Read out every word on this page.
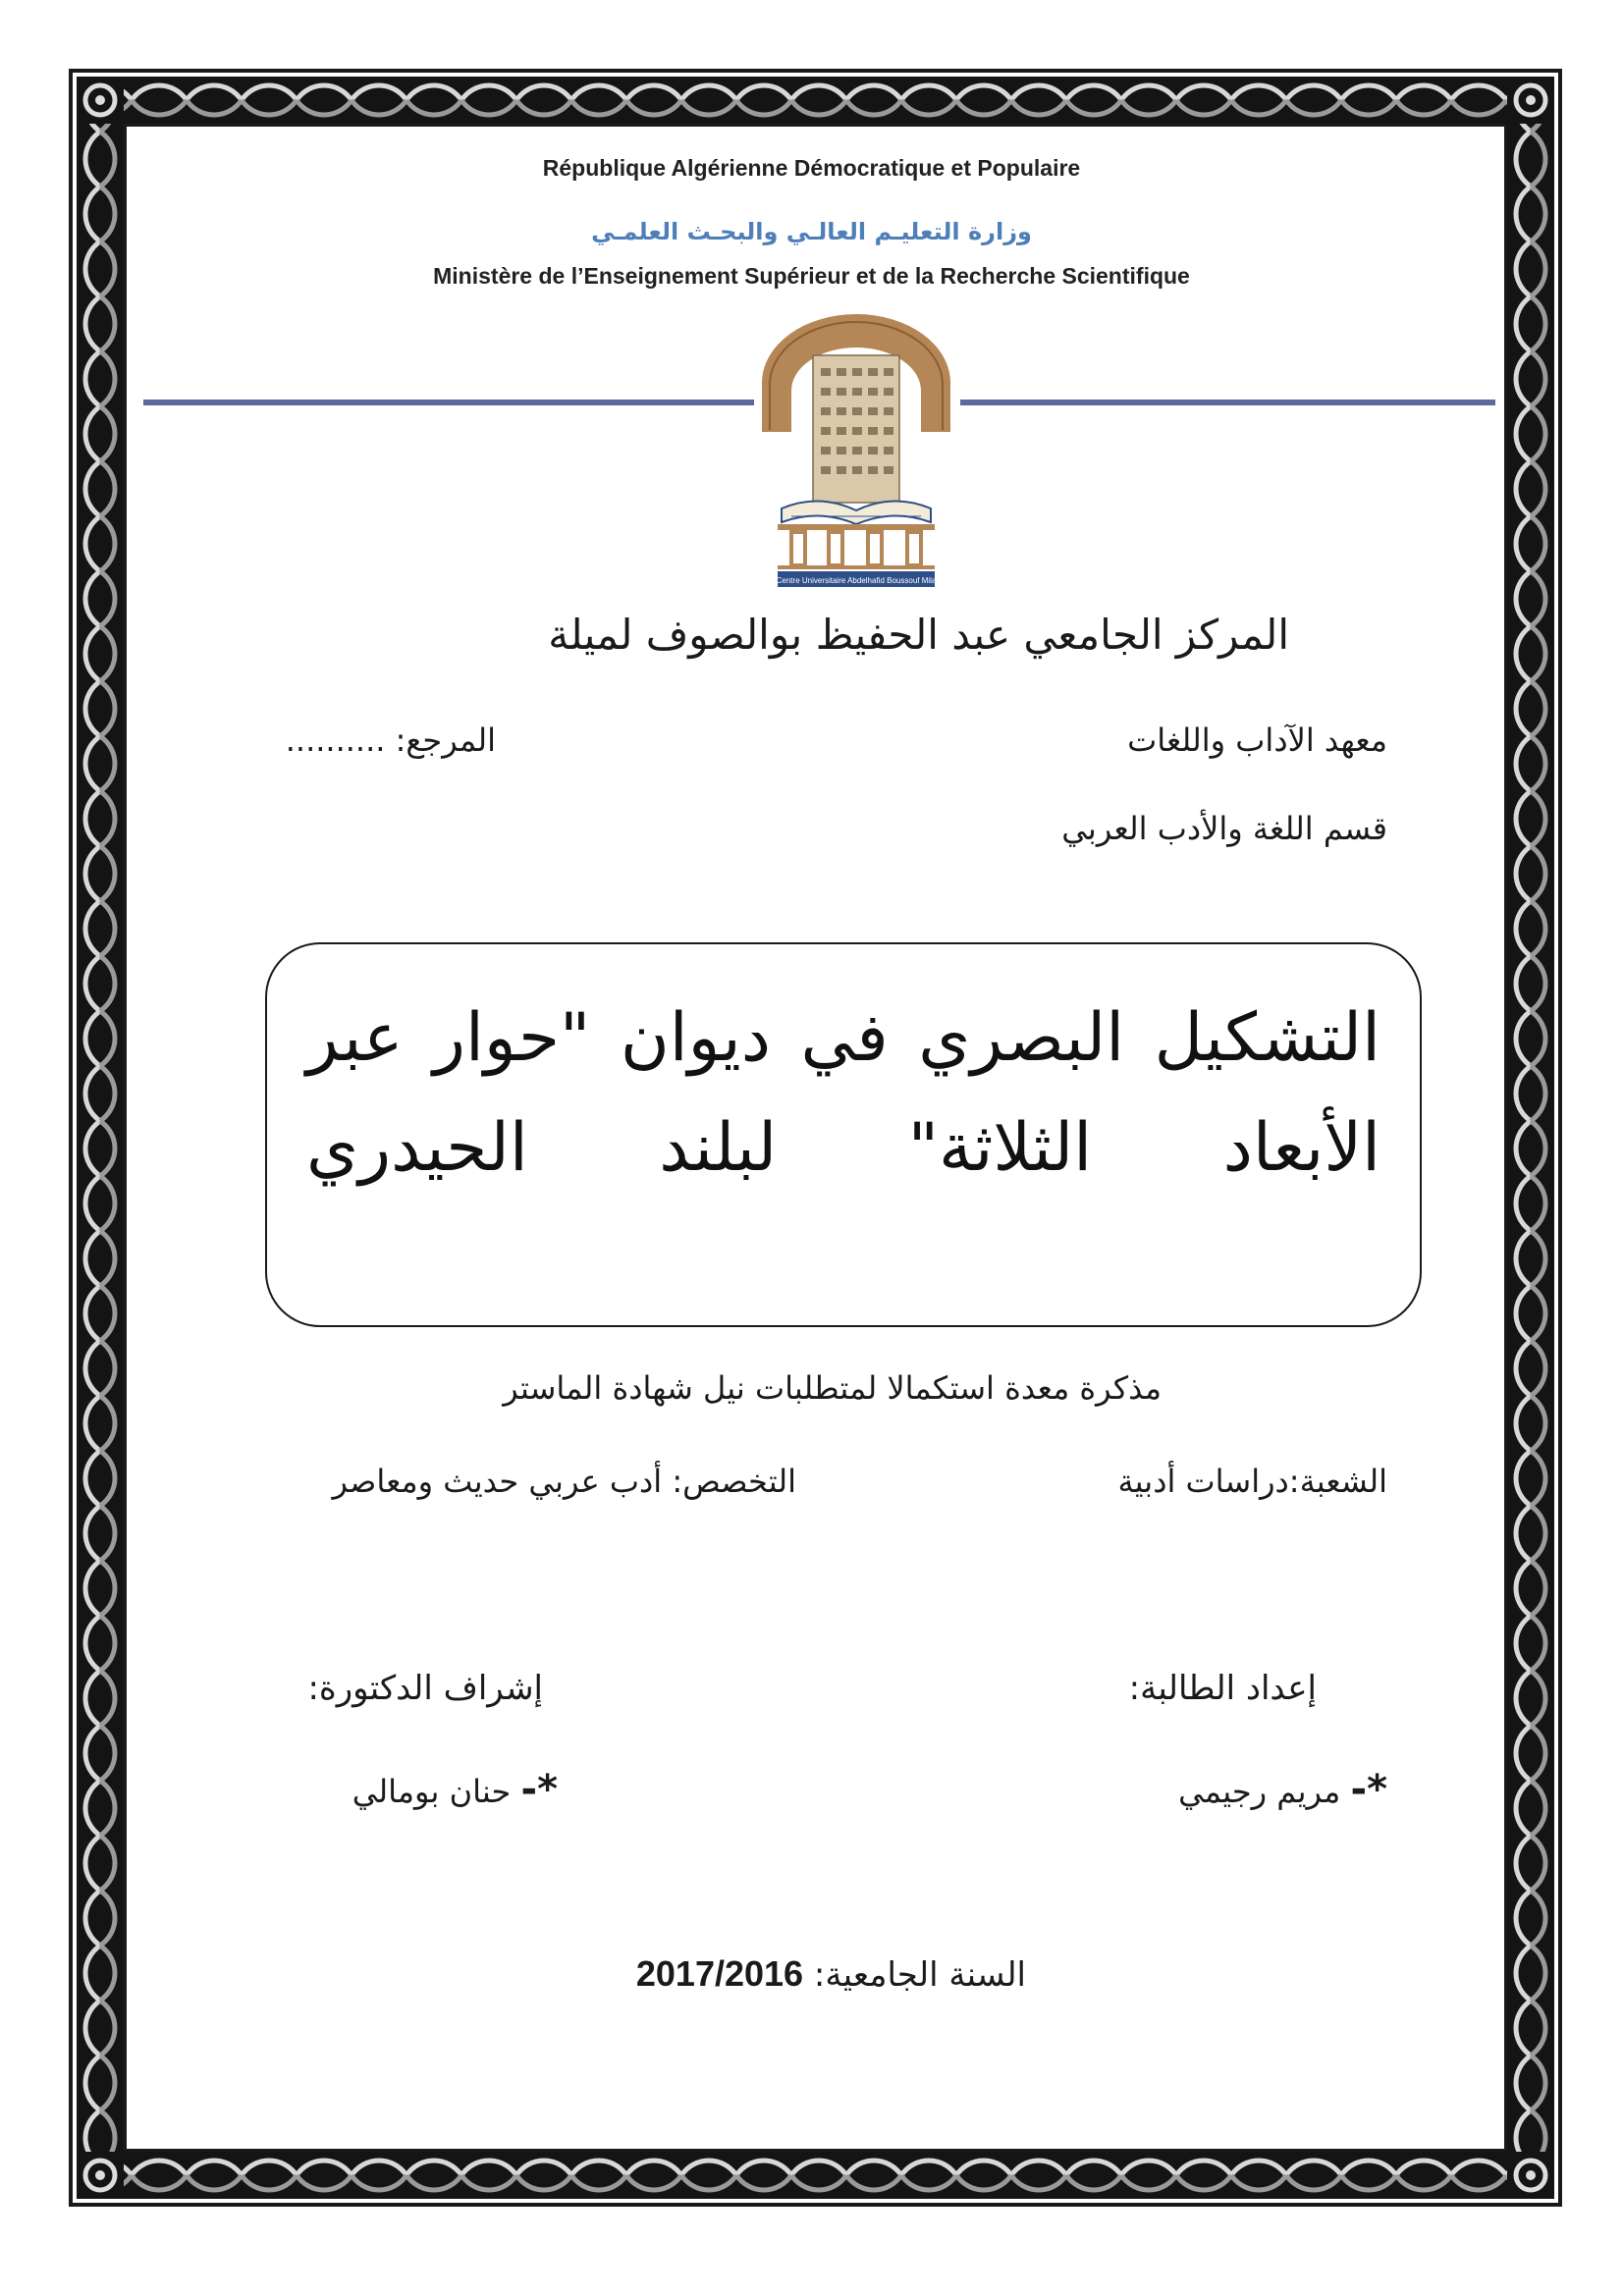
République Algérienne Démocratique et Populaire
وزارة التعليـم العالـي والبحـث العلمـي
Ministère de l’Enseignement Supérieur et de la Recherche Scientifique
Centre Universitaire Abdelhafid Boussouf Mila
المركز الجامعي عبد الحفيظ بوالصوف لميلة
معهد الآداب واللغات
المرجع: ..........
قسم اللغة والأدب العربي
التشكيل البصري في ديوان "حوار عبر الأبعاد الثلاثة" لبلند الحيدري
مذكرة معدة استكمالا لمتطلبات نيل شهادة الماستر
الشعبة:دراسات أدبية
التخصص: أدب عربي حديث ومعاصر
إعداد الطالبة:
إشراف الدكتورة:
*- مريم رجيمي
*- حنان بومالي
السنة الجامعية: 2017/2016
